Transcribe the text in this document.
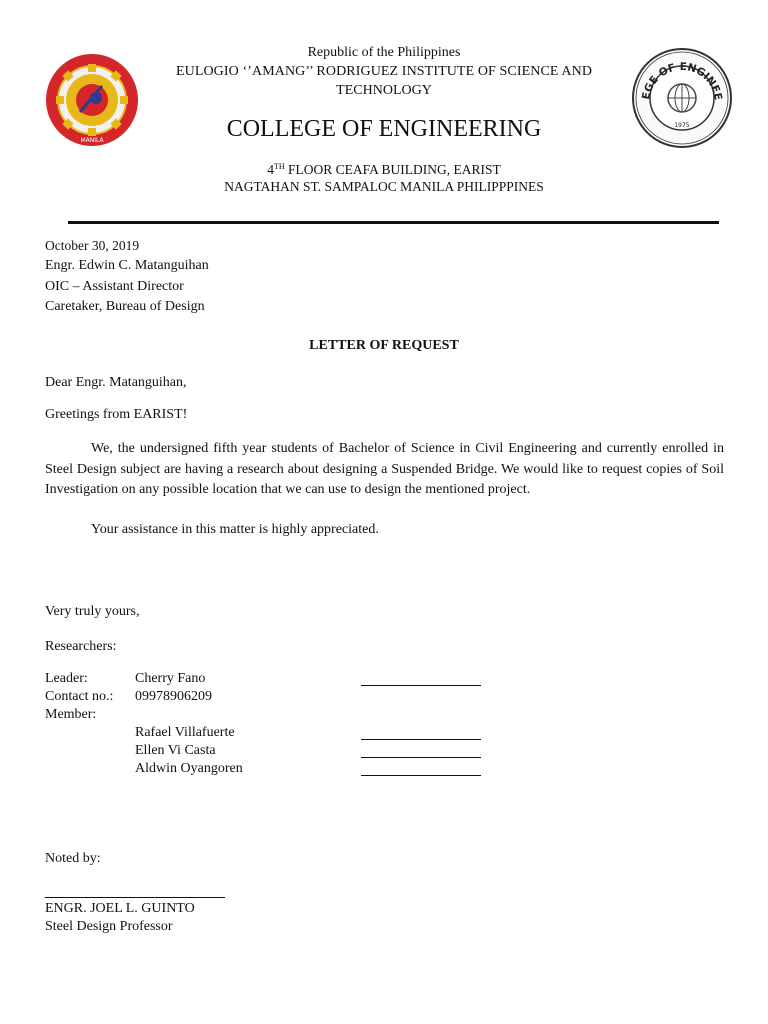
MANILA
EGE OF ENGINEE
1975
Republic of the Philippines
EULOGIO ‘’AMANG’’ RODRIGUEZ INSTITUTE OF SCIENCE AND
TECHNOLOGY
COLLEGE OF ENGINEERING
4TH FLOOR CEAFA BUILDING, EARIST
NAGTAHAN ST. SAMPALOC MANILA PHILIPPPINES
October 30, 2019
Engr. Edwin C. Matanguihan
OIC – Assistant Director
Caretaker, Bureau of Design
LETTER OF REQUEST
Dear Engr. Matanguihan,
Greetings from EARIST!
We, the undersigned fifth year students of Bachelor of Science in Civil Engineering and currently enrolled in Steel Design subject are having a research about designing a Suspended Bridge. We would like to request copies of Soil Investigation on any possible location that we can use to design the mentioned project.
Your assistance in this matter is highly appreciated.
Very truly yours,
Researchers:
Leader:	Cherry Fano
Contact no.: 09978906209
Member:
Rafael Villafuerte
Ellen Vi Casta
Aldwin Oyangoren
Noted by:
ENGR. JOEL L. GUINTO
Steel Design Professor
